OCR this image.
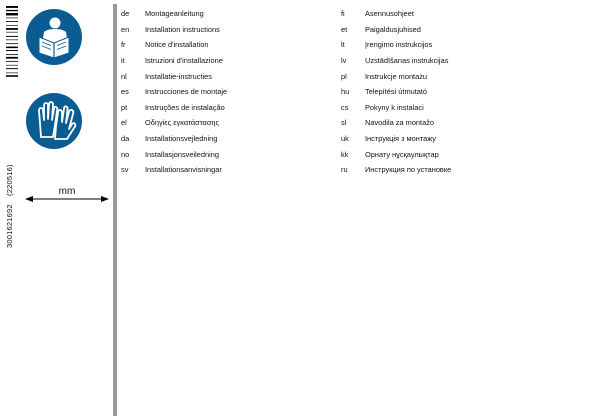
3001621692 (220516)	mm
de	Montageanleitung
en	Installation instructions
fr	Notice d'installation
it	Istruzioni d'installazione
nl	Installatie-instructies
es	Instrucciones de montaje
pt	Instruções de instalação
el	Οδηγίες εγκατάστασης
da	Installationsvejledning
no	Installasjonsveiledning
sv	Installationsanvisningar
fi	Asennusohjeet
et	Paigaldusjuhised
lt	Įrengimo instrukcijos
lv	Uzstādīšanas instrukcijas
pl	Instrukcje montażu
hu	Telepítési útmutató
cs	Pokyny k instalaci
sl	Navodila za montažo
uk	Інструкція з монтажу
kk	Орнату нұсқаулықтар
ru	Инструкция по установке
